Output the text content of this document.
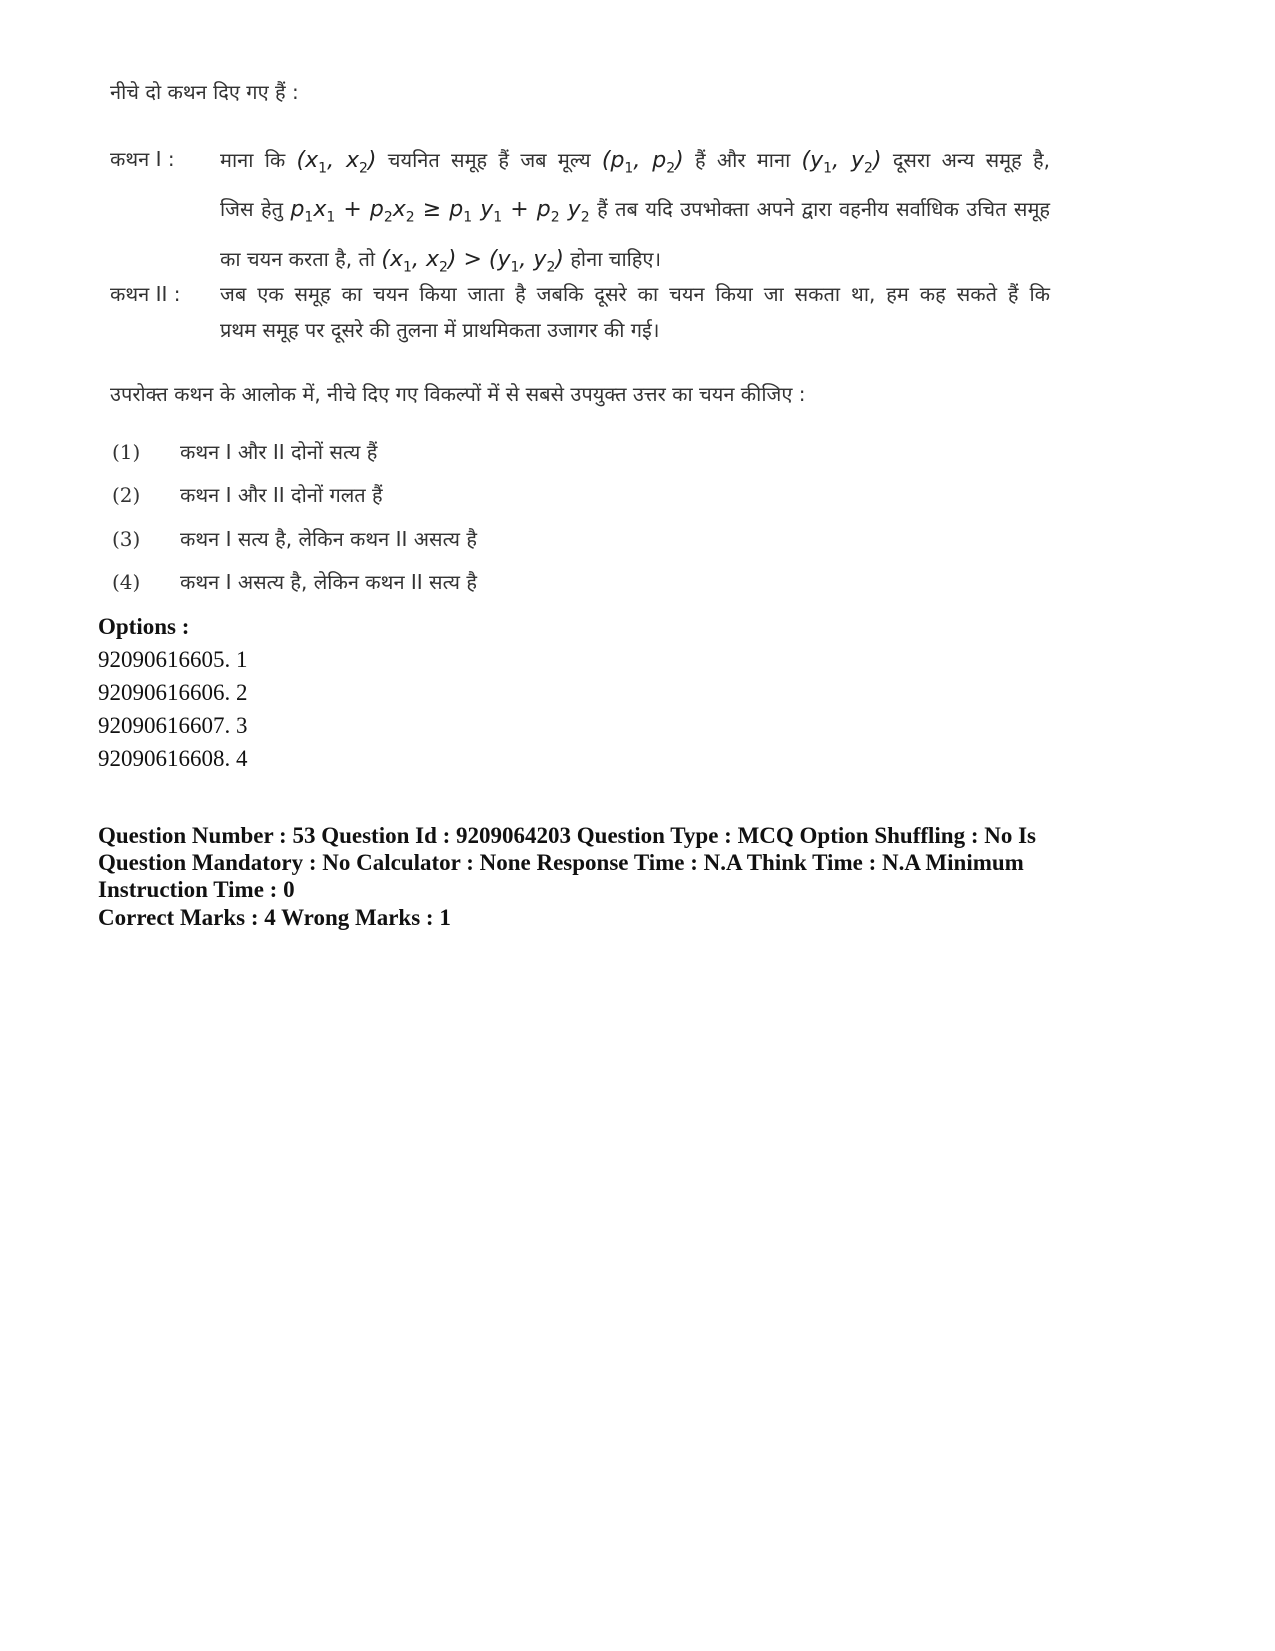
नीचे दो कथन दिए गए हैं :
कथन I : माना कि ($x_1$, $x_2$) चयनित समूह हैं जब मूल्य ($p_1$, $p_2$) हैं और माना ($y_1$, $y_2$) दूसरा अन्य समूह है,
जिस हेतु $p_1x_1 + p_2x_2 \ge p_1$ $y_1 + p_2$ $y_2$ हैं तब यदि उपभोक्ता अपने द्वारा वहनीय सर्वाधिक उचित समूह
का चयन करता है, तो ($x_1$, $x_2) > (y_1$, $y_2$) होना चाहिए।
कथन II : जब एक समूह का चयन किया जाता है जबकि दूसरे का चयन किया जा सकता था, हम कह सकते हैं कि
प्रथम समूह पर दूसरे की तुलना में प्राथमिकता उजागर की गई।
उपरोक्त कथन के आलोक में, नीचे दिए गए विकल्पों में से सबसे उपयुक्त उत्तर का चयन कीजिए :
(1) कथन I और II दोनों सत्य हैं
(2) कथन I और II दोनों गलत हैं
(3) कथन I सत्य है, लेकिन कथन II असत्य है
(4) कथन I असत्य है, लेकिन कथन II सत्य है
Options :
92090616605. 1
92090616606. 2
92090616607. 3
92090616608. 4
Question Number : 53 Question Id : 9209064203 Question Type : MCQ Option Shuffling : No Is Question Mandatory : No Calculator : None Response Time : N.A Think Time : N.A Minimum Instruction Time : 0
Correct Marks : 4 Wrong Marks : 1
